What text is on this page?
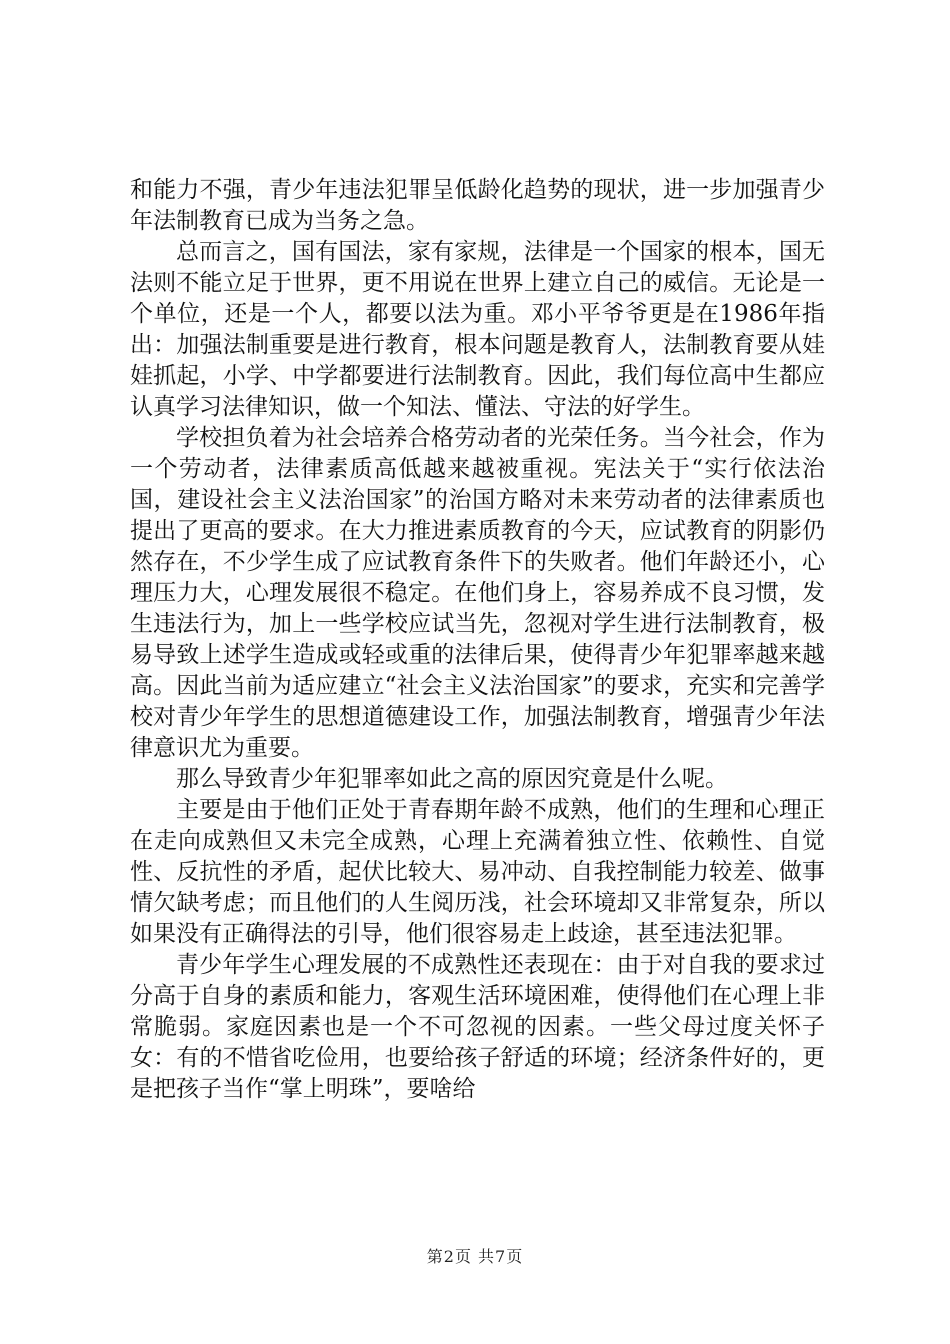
和能力不强，青少年违法犯罪呈低龄化趋势的现状，进一步加强青少年法制教育已成为当务之急。

总而言之，国有国法，家有家规，法律是一个国家的根本，国无法则不能立足于世界，更不用说在世界上建立自己的威信。无论是一个单位，还是一个人，都要以法为重。邓小平爷爷更是在1986年指出：加强法制重要是进行教育，根本问题是教育人，法制教育要从娃娃抓起，小学、中学都要进行法制教育。因此，我们每位高中生都应认真学习法律知识，做一个知法、懂法、守法的好学生。

学校担负着为社会培养合格劳动者的光荣任务。当今社会，作为一个劳动者，法律素质高低越来越被重视。宪法关于“实行依法治国，建设社会主义法治国家”的治国方略对未来劳动者的法律素质也提出了更高的要求。在大力推进素质教育的今天，应试教育的阴影仍然存在，不少学生成了应试教育条件下的失败者。他们年龄还小，心理压力大，心理发展很不稳定。在他们身上，容易养成不良习惯，发生违法行为，加上一些学校应试当先，忽视对学生进行法制教育，极易导致上述学生造成或轻或重的法律后果，使得青少年犯罪率越来越高。因此当前为适应建立“社会主义法治国家”的要求，充实和完善学校对青少年学生的思想道德建设工作，加强法制教育，增强青少年法律意识尤为重要。

那么导致青少年犯罪率如此之高的原因究竟是什么呢。

主要是由于他们正处于青春期年龄不成熟，他们的生理和心理正在走向成熟但又未完全成熟，心理上充满着独立性、依赖性、自觉性、反抗性的矛盾，起伏比较大、易冲动、自我控制能力较差、做事情欠缺考虑；而且他们的人生阅历浅，社会环境却又非常复杂，所以如果没有正确得法的引导，他们很容易走上歧途，甚至违法犯罪。

青少年学生心理发展的不成熟性还表现在：由于对自我的要求过分高于自身的素质和能力，客观生活环境困难，使得他们在心理上非常脆弱。家庭因素也是一个不可忽视的因素。一些父母过度关怀子女：有的不惜省吃俭用，也要给孩子舒适的环境；经济条件好的，更是把孩子当作“掌上明珠”，要啥给

第2页 共7页
